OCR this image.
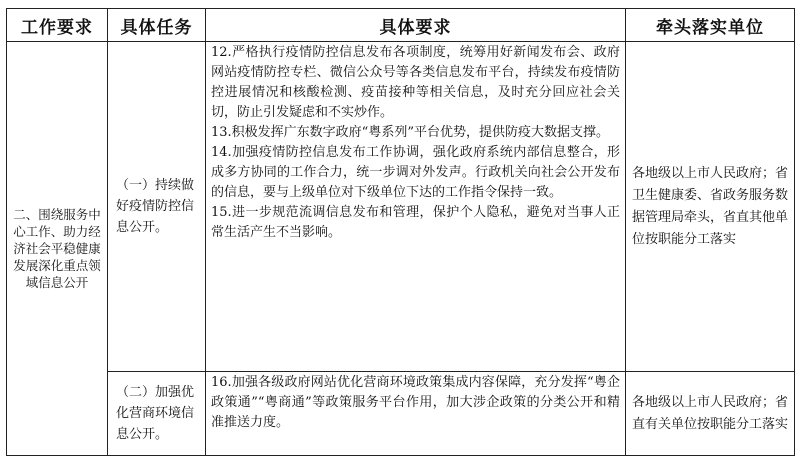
工作要求	具体任务	具体要求	牵头落实单位
二、围绕服务中心工作、助力经济社会平稳健康发展深化重点领域信息公开	（一）持续做好疫情防控信息公开。	12.严格执行疫情防控信息发布各项制度，统筹用好新闻发布会、政府网站疫情防控专栏、微信公众号等各类信息发布平台，持续发布疫情防控进展情况和核酸检测、疫苗接种等相关信息，及时充分回应社会关切，防止引发疑虑和不实炒作。

13.积极发挥广东数字政府“粤系列”平台优势，提供防疫大数据支撑。

14.加强疫情防控信息发布工作协调，强化政府系统内部信息整合，形成多方协同的工作合力，统一步调对外发声。行政机关向社会公开发布的信息，要与上级单位对下级单位下达的工作指令保持一致。

15.进一步规范流调信息发布和管理，保护个人隐私，避免对当事人正常生活产生不当影响。	各地级以上市人民政府；省卫生健康委、省政务服务数据管理局牵头，省直其他单位按职能分工落实
	（二）加强优化营商环境信息公开。	16.加强各级政府网站优化营商环境政策集成内容保障，充分发挥“粤企政策通”“粤商通”等政策服务平台作用，加大涉企政策的分类公开和精准推送力度。	各地级以上市人民政府；省直有关单位按职能分工落实
